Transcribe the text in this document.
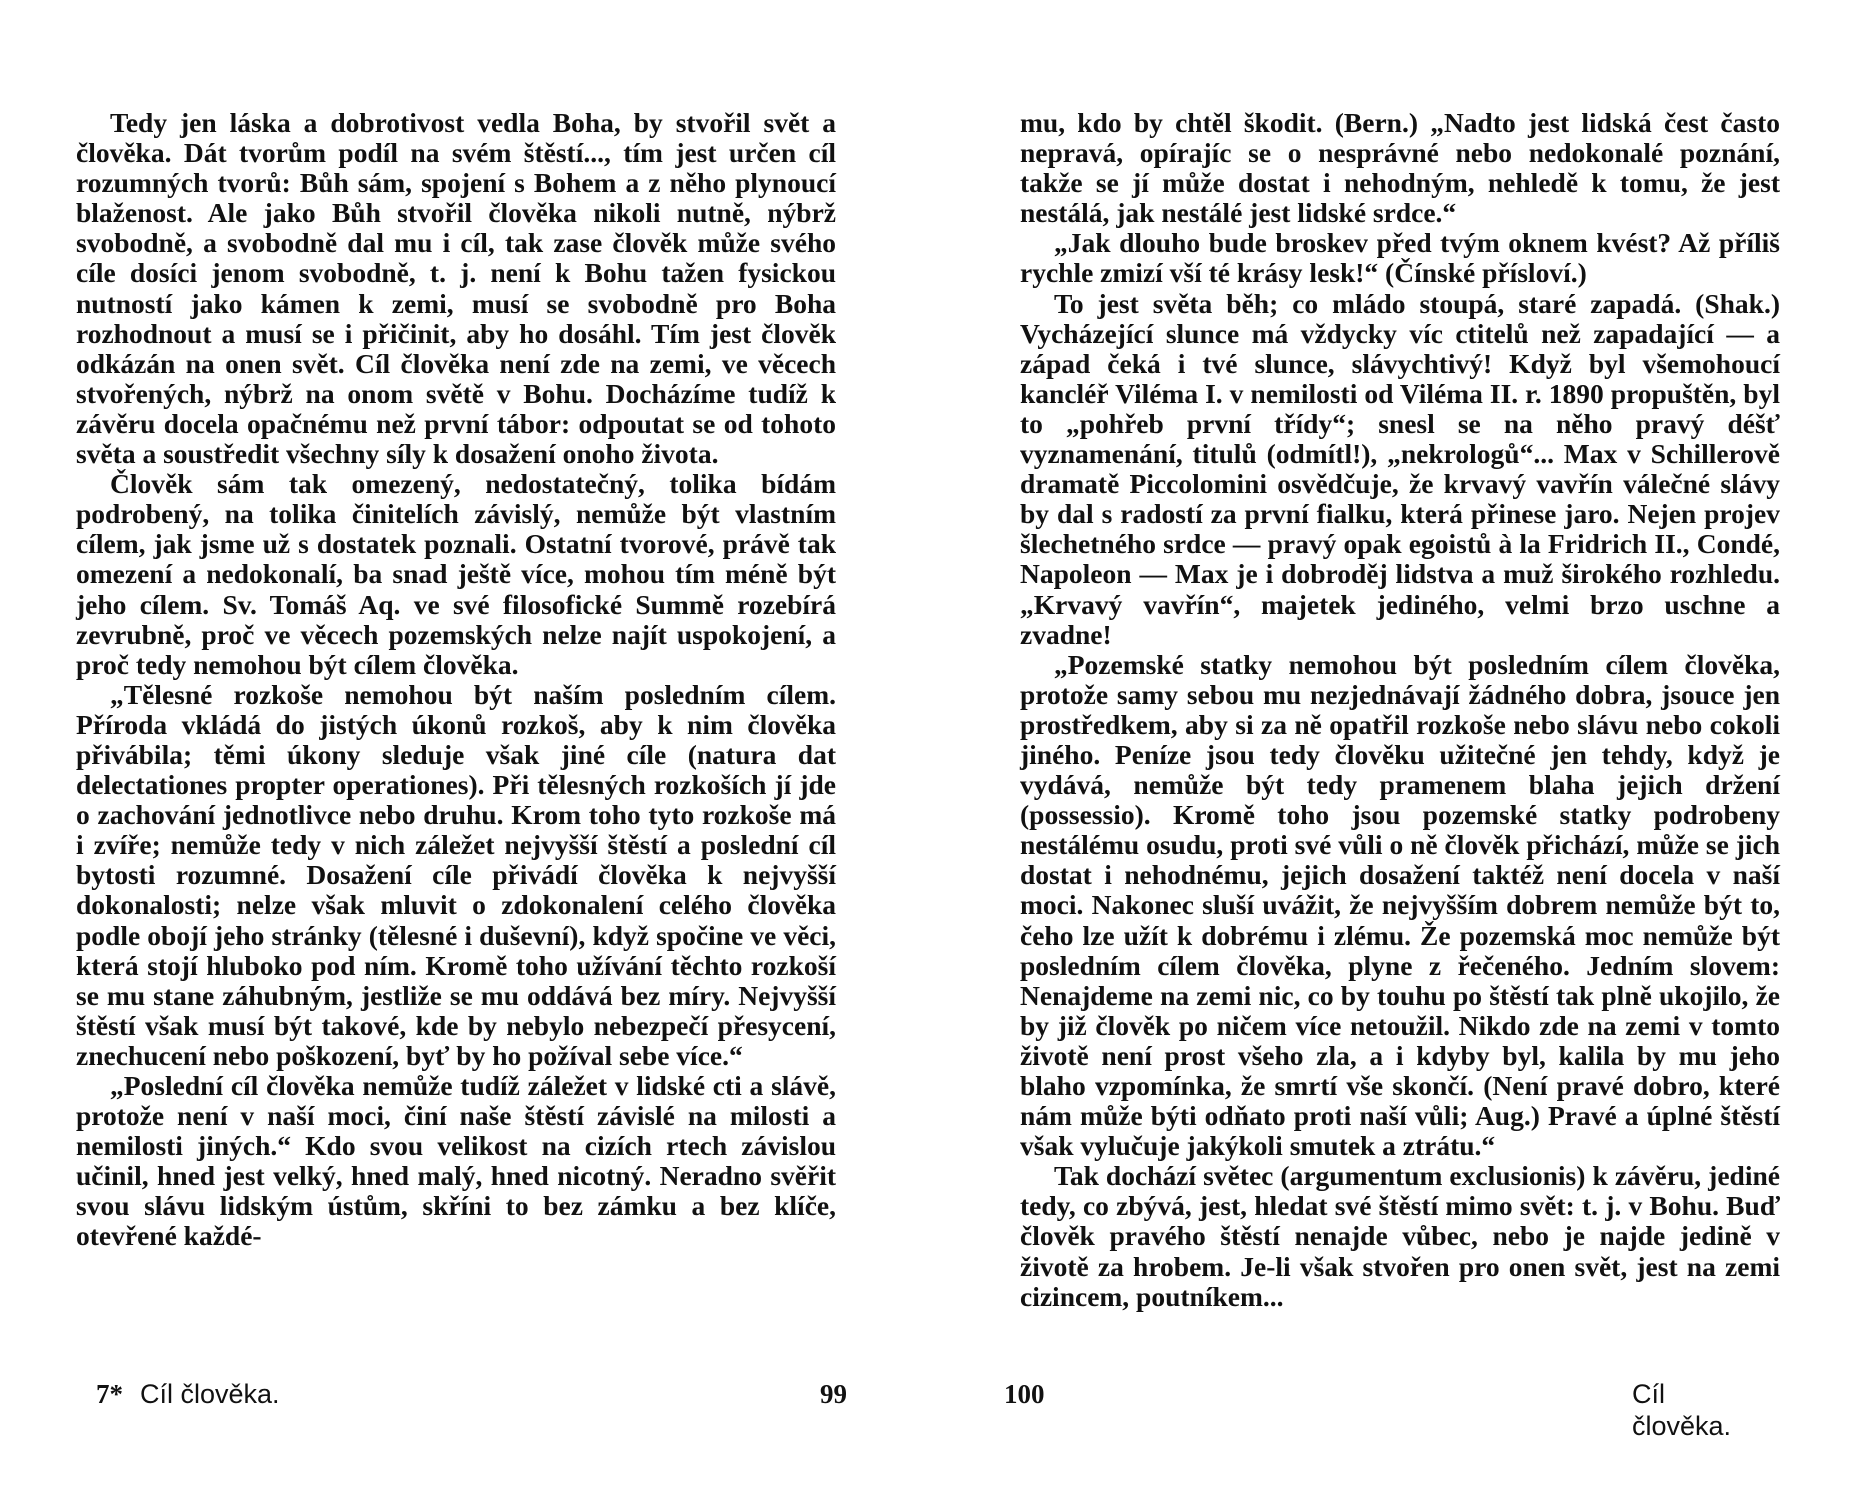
Tedy jen láska a dobrotivost vedla Boha, by stvořil svět a člověka. Dát tvorům podíl na svém štěstí..., tím jest určen cíl rozumných tvorů: Bůh sám, spojení s Bohem a z něho plynoucí blaženost. Ale jako Bůh stvořil člověka nikoli nutně, nýbrž svobodně, a svobodně dal mu i cíl, tak zase člověk může svého cíle dosíci jenom svobodně, t. j. není k Bohu tažen fysickou nutností jako kámen k zemi, musí se svobodně pro Boha rozhodnout a musí se i přičinit, aby ho dosáhl. Tím jest člověk odkázán na onen svět. Cíl člověka není zde na zemi, ve věcech stvořených, nýbrž na onom světě v Bohu. Docházíme tudíž k závěru docela opačnému než první tábor: odpoutat se od tohoto světa a soustředit všechny síly k dosažení onoho života.

Člověk sám tak omezený, nedostatečný, tolika bídám podrobený, na tolika činitelích závislý, nemůže být vlastním cílem, jak jsme už s dostatek poznali. Ostatní tvorové, právě tak omezení a nedokonalí, ba snad ještě více, mohou tím méně být jeho cílem. Sv. Tomáš Aq. ve své filosofické Summě rozebírá zevrubně, proč ve věcech pozemských nelze najít uspokojení, a proč tedy nemohou být cílem člověka.

„Tělesné rozkoše nemohou být naším posledním cílem. Příroda vkládá do jistých úkonů rozkoš, aby k nim člověka přivábila; těmi úkony sleduje však jiné cíle (natura dat delectationes propter operationes). Při tělesných rozkoších jí jde o zachování jednotlivce nebo druhu. Krom toho tyto rozkoše má i zvíře; nemůže tedy v nich záležet nejvyšší štěstí a poslední cíl bytosti rozumné. Dosažení cíle přivádí člověka k nejvyšší dokonalosti; nelze však mluvit o zdokonalení celého člověka podle obojí jeho stránky (tělesné i duševní), když spočine ve věci, která stojí hluboko pod ním. Kromě toho užívání těchto rozkoší se mu stane záhubným, jestliže se mu oddává bez míry. Nejvyšší štěstí však musí být takové, kde by nebylo nebezpečí přesycení, znechucení nebo poškození, byť by ho požíval sebe více.“

„Poslední cíl člověka nemůže tudíž záležet v lidské cti a slávě, protože není v naší moci, činí naše štěstí závislé na milosti a nemilosti jiných.“ Kdo svou velikost na cizích rtech závislou učinil, hned jest velký, hned malý, hned nicotný. Neradno svěřit svou slávu lidským ústům, skříni to bez zámku a bez klíče, otevřené každé-

7* Cíl člověka.	99

mu, kdo by chtěl škodit. (Bern.) „Nadto jest lidská čest často nepravá, opírajíc se o nesprávné nebo nedokonalé poznání, takže se jí může dostat i nehodným, nehledě k tomu, že jest nestálá, jak nestálé jest lidské srdce.“

„Jak dlouho bude broskev před tvým oknem kvést? Až příliš rychle zmizí vší té krásy lesk!“ (Čínské přísloví.)

To jest světa běh; co mládo stoupá, staré zapadá. (Shak.) Vycházející slunce má vždycky víc ctitelů než zapadající — a západ čeká i tvé slunce, slávychtivý! Když byl všemohoucí kancléř Viléma I. v nemilosti od Viléma II. r. 1890 propuštěn, byl to „pohřeb první třídy“; snesl se na něho pravý déšť vyznamenání, titulů (odmítl!), „nekrologů“... Max v Schillerově dramatě Piccolomini osvědčuje, že krvavý vavřín válečné slávy by dal s radostí za první fialku, která přinese jaro. Nejen projev šlechetného srdce — pravý opak egoistů à la Fridrich II., Condé, Napoleon — Max je i dobroděj lidstva a muž širokého rozhledu. „Krvavý vavřín“, majetek jediného, velmi brzo uschne a zvadne!

„Pozemské statky nemohou být posledním cílem člověka, protože samy sebou mu nezjednávají žádného dobra, jsouce jen prostředkem, aby si za ně opatřil rozkoše nebo slávu nebo cokoli jiného. Peníze jsou tedy člověku užitečné jen tehdy, když je vydává, nemůže být tedy pramenem blaha jejich držení (possessio). Kromě toho jsou pozemské statky podrobeny nestálému osudu, proti své vůli o ně člověk přichází, může se jich dostat i nehodnému, jejich dosažení taktéž není docela v naší moci. Nakonec sluší uvážit, že nejvyšším dobrem nemůže být to, čeho lze užít k dobrému i zlému. Že pozemská moc nemůže být posledním cílem člověka, plyne z řečeného. Jedním slovem: Nenajdeme na zemi nic, co by touhu po štěstí tak plně ukojilo, že by již člověk po ničem více netoužil. Nikdo zde na zemi v tomto životě není prost všeho zla, a i kdyby byl, kalila by mu jeho blaho vzpomínka, že smrtí vše skončí. (Není pravé dobro, které nám může býti odňato proti naší vůli; Aug.) Pravé a úplné štěstí však vylučuje jakýkoli smutek a ztrátu.“

Tak dochází světec (argumentum exclusionis) k závěru, jediné tedy, co zbývá, jest, hledat své štěstí mimo svět: t. j. v Bohu. Buď člověk pravého štěstí nenajde vůbec, nebo je najde jedině v životě za hrobem. Je-li však stvořen pro onen svět, jest na zemi cizincem, poutníkem...

100	Cíl člověka.
